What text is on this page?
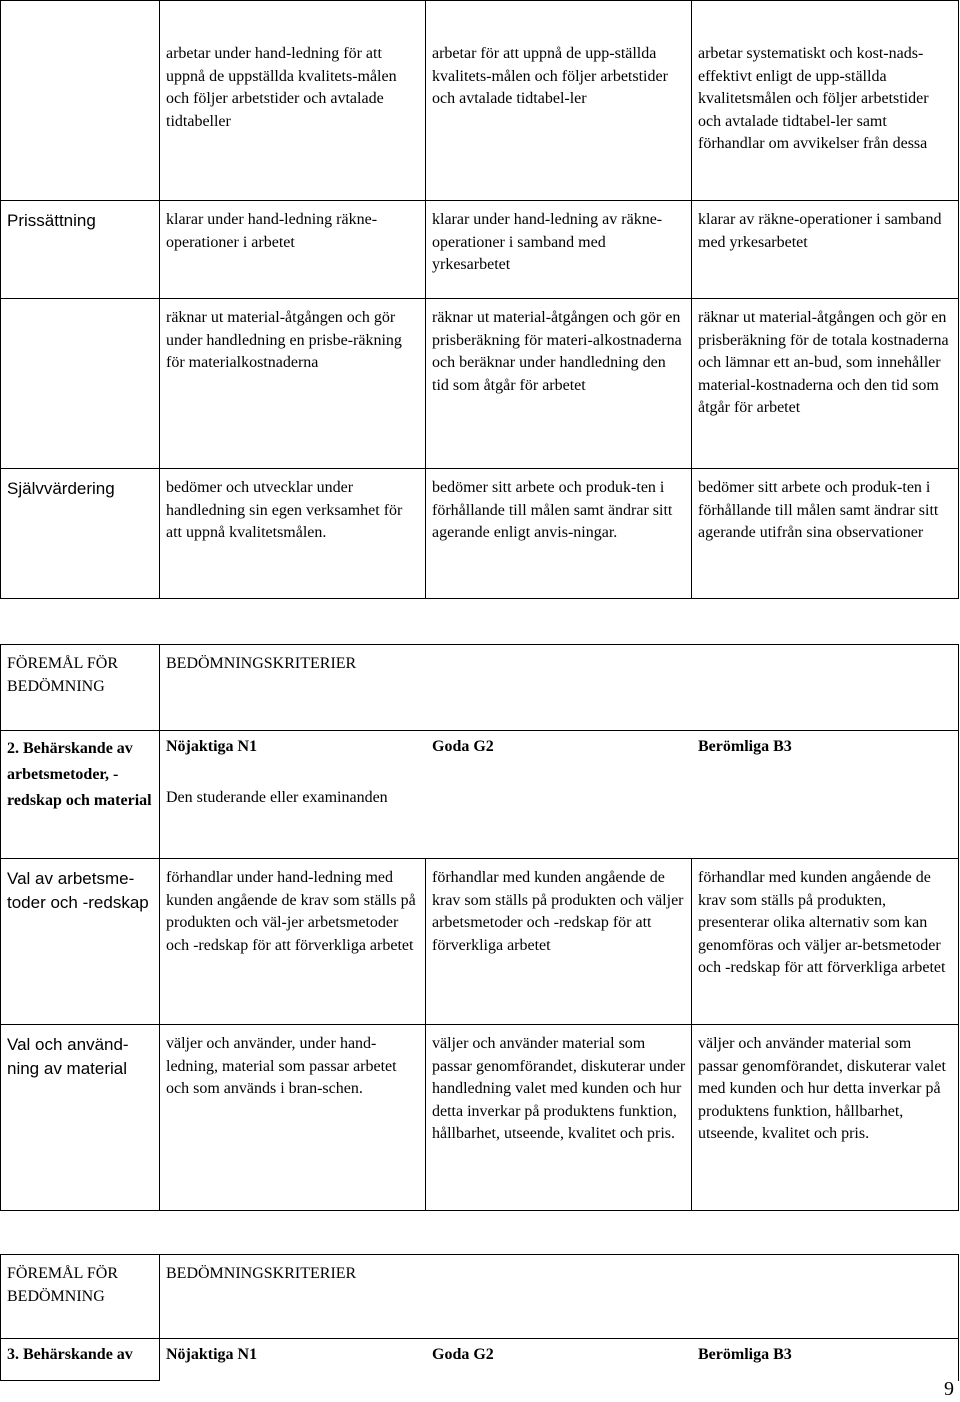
	arbetar under hand-ledning för att uppnå de uppställda kvalitets-målen och följer arbetstider och avtalade tidtabeller	arbetar för att uppnå de upp-ställda kvalitets-målen och följer arbetstider och avtalade tidtabel-ler	arbetar systematiskt och kost-nads-effektivt enligt de upp-ställda kvalitetsmålen och följer arbetstider och avtalade tidtabel-ler samt förhandlar om avvikelser från dessa
Prissättning	klarar under hand-ledning räkne-operationer i arbetet	klarar under hand-ledning av räkne-operationer i samband med yrkesarbetet	klarar av räkne-operationer i samband med yrkesarbetet
	räknar ut material-åtgången och gör under handledning en prisbe-räkning för materialkostnaderna	räknar ut material-åtgången och gör en prisberäkning för materi-alkostnaderna och beräknar under handledning den tid som åtgår för arbetet	räknar ut material-åtgången och gör en prisberäkning för de totala kostnaderna och lämnar ett an-bud, som innehåller material-kostnaderna och den tid som åtgår för arbetet
Självvärdering	bedömer och utvecklar under handledning sin egen verksamhet för att uppnå kvalitetsmålen.	bedömer sitt arbete och produk-ten i förhållande till målen samt ändrar sitt agerande enligt anvis-ningar.	bedömer sitt arbete och produk-ten i förhållande till målen samt ändrar sitt agerande utifrån sina observationer
FÖREMÅL FÖR BEDÖMNING	BEDÖMNINGSKRITERIER		
2. Behärskande av arbetsmetoder, -redskap och material	Nöjaktiga N1 Goda G2 Berömliga B3
Den studerande eller examinanden		

Val av arbetsme-toder och -redskap	förhandlar under hand-ledning med kunden angående de krav som ställs på produkten och väl-jer arbetsmetoder och -redskap för att förverkliga arbetet	förhandlar med kunden angående de krav som ställs på produkten och väljer arbetsmetoder och -redskap för att förverkliga arbetet	förhandlar med kunden angående de krav som ställs på produkten, presenterar olika alternativ som kan genomföras och väljer ar-betsmetoder och -redskap för att förverkliga arbetet
Val och använd-ning av material	väljer och använder, under hand-ledning, material som passar arbetet och som används i bran-schen.	väljer och använder material som passar genomförandet, diskuterar under handledning valet med kunden och hur detta inverkar på produktens funktion, hållbarhet, utseende, kvalitet och pris.	väljer och använder material som passar genomförandet, diskuterar valet med kunden och hur detta inverkar på produktens funktion, hållbarhet, utseende, kvalitet och pris.
FÖREMÅL FÖR BEDÖMNING	BEDÖMNINGSKRITERIER
3. Behärskande av	Nöjaktiga N1 Goda G2 Berömliga B3
9
